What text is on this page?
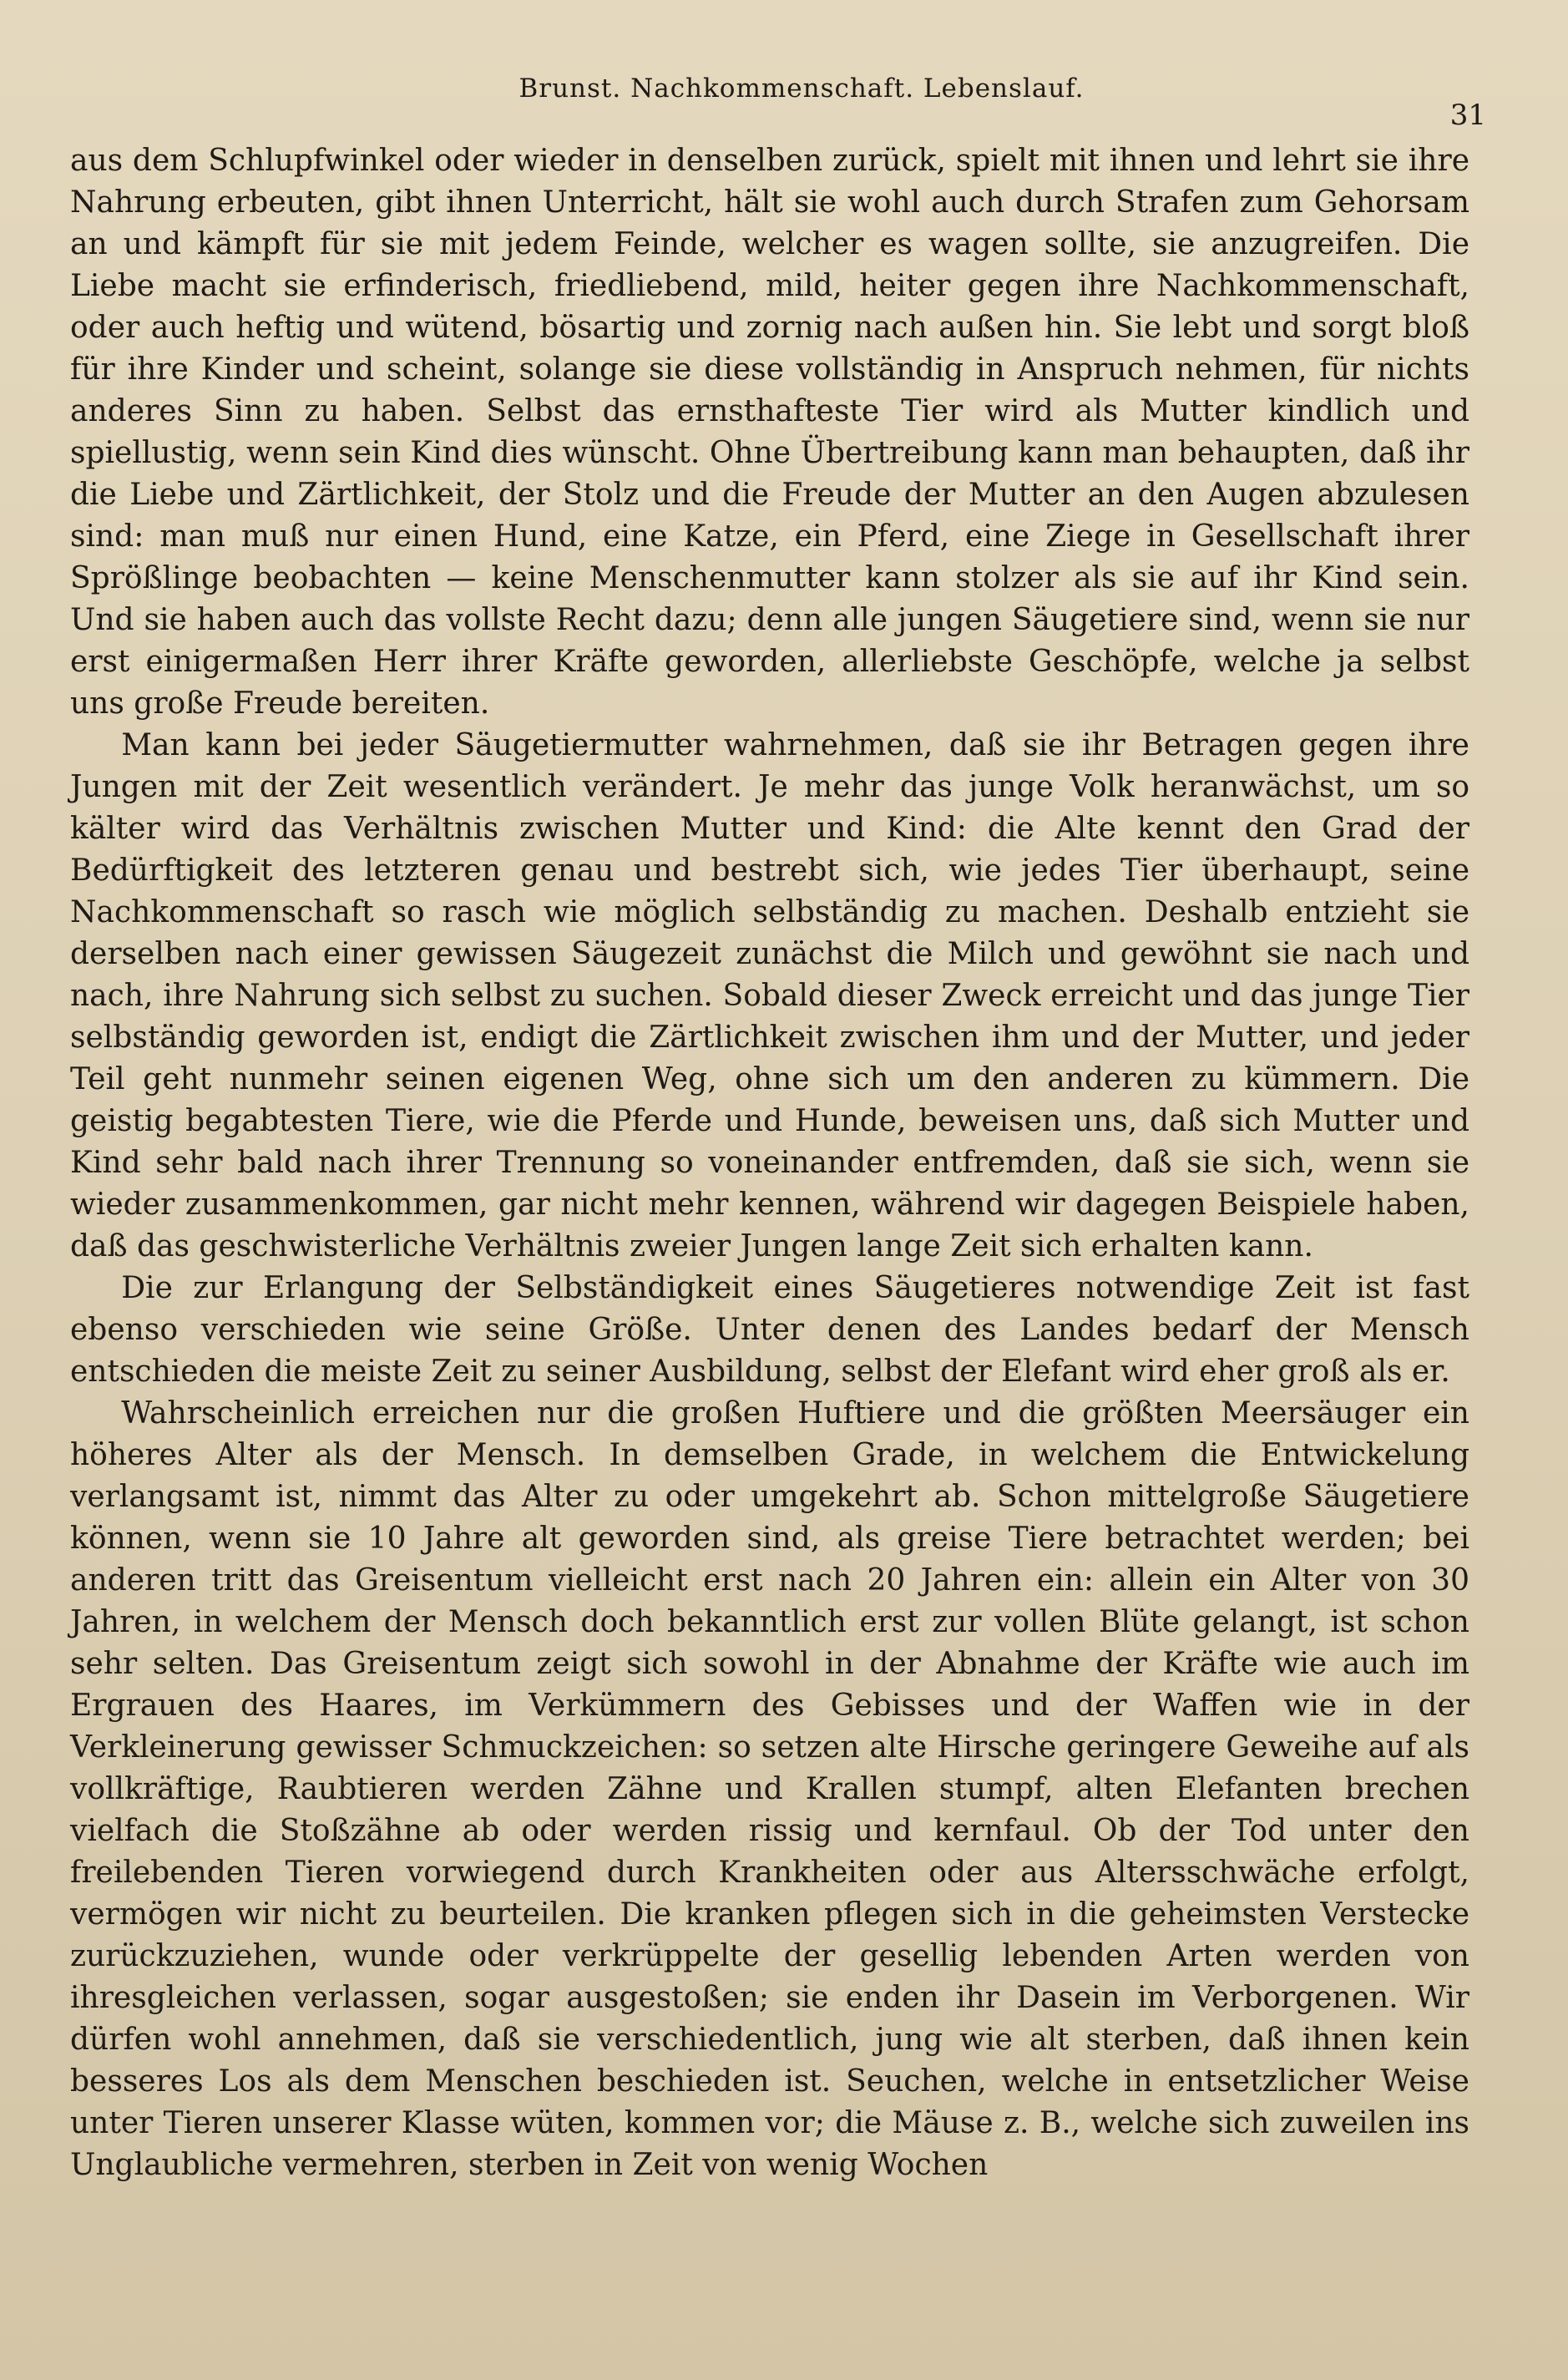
Brunst. Nachkommenschaft. Lebenslauf.
31

aus dem Schlupfwinkel oder wieder in denselben zurück, spielt mit ihnen und lehrt sie ihre Nahrung erbeuten, gibt ihnen Unterricht, hält sie wohl auch durch Strafen zum Gehorsam an und kämpft für sie mit jedem Feinde, welcher es wagen sollte, sie anzugreifen. Die Liebe macht sie erfinderisch, friedliebend, mild, heiter gegen ihre Nachkommenschaft, oder auch heftig und wütend, bösartig und zornig nach außen hin. Sie lebt und sorgt bloß für ihre Kinder und scheint, solange sie diese vollständig in Anspruch nehmen, für nichts anderes Sinn zu haben. Selbst das ernsthafteste Tier wird als Mutter kindlich und spiellustig, wenn sein Kind dies wünscht. Ohne Übertreibung kann man behaupten, daß ihr die Liebe und Zärtlichkeit, der Stolz und die Freude der Mutter an den Augen abzulesen sind: man muß nur einen Hund, eine Katze, ein Pferd, eine Ziege in Gesellschaft ihrer Sprößlinge beobachten — keine Menschenmutter kann stolzer als sie auf ihr Kind sein. Und sie haben auch das vollste Recht dazu; denn alle jungen Säugetiere sind, wenn sie nur erst einigermaßen Herr ihrer Kräfte geworden, allerliebste Geschöpfe, welche ja selbst uns große Freude bereiten.

Man kann bei jeder Säugetiermutter wahrnehmen, daß sie ihr Betragen gegen ihre Jungen mit der Zeit wesentlich verändert. Je mehr das junge Volk heranwächst, um so kälter wird das Verhältnis zwischen Mutter und Kind: die Alte kennt den Grad der Bedürftigkeit des letzteren genau und bestrebt sich, wie jedes Tier überhaupt, seine Nachkommenschaft so rasch wie möglich selbständig zu machen. Deshalb entzieht sie derselben nach einer gewissen Säugezeit zunächst die Milch und gewöhnt sie nach und nach, ihre Nahrung sich selbst zu suchen. Sobald dieser Zweck erreicht und das junge Tier selbständig geworden ist, endigt die Zärtlichkeit zwischen ihm und der Mutter, und jeder Teil geht nunmehr seinen eigenen Weg, ohne sich um den anderen zu kümmern. Die geistig begabtesten Tiere, wie die Pferde und Hunde, beweisen uns, daß sich Mutter und Kind sehr bald nach ihrer Trennung so voneinander entfremden, daß sie sich, wenn sie wieder zusammenkommen, gar nicht mehr kennen, während wir dagegen Beispiele haben, daß das geschwisterliche Verhältnis zweier Jungen lange Zeit sich erhalten kann.

Die zur Erlangung der Selbständigkeit eines Säugetieres notwendige Zeit ist fast ebenso verschieden wie seine Größe. Unter denen des Landes bedarf der Mensch entschieden die meiste Zeit zu seiner Ausbildung, selbst der Elefant wird eher groß als er.

Wahrscheinlich erreichen nur die großen Huftiere und die größten Meersäuger ein höheres Alter als der Mensch. In demselben Grade, in welchem die Entwickelung verlangsamt ist, nimmt das Alter zu oder umgekehrt ab. Schon mittelgroße Säugetiere können, wenn sie 10 Jahre alt geworden sind, als greise Tiere betrachtet werden; bei anderen tritt das Greisentum vielleicht erst nach 20 Jahren ein: allein ein Alter von 30 Jahren, in welchem der Mensch doch bekanntlich erst zur vollen Blüte gelangt, ist schon sehr selten. Das Greisentum zeigt sich sowohl in der Abnahme der Kräfte wie auch im Ergrauen des Haares, im Verkümmern des Gebisses und der Waffen wie in der Verkleinerung gewisser Schmuckzeichen: so setzen alte Hirsche geringere Geweihe auf als vollkräftige, Raubtieren werden Zähne und Krallen stumpf, alten Elefanten brechen vielfach die Stoßzähne ab oder werden rissig und kernfaul. Ob der Tod unter den freilebenden Tieren vorwiegend durch Krankheiten oder aus Altersschwäche erfolgt, vermögen wir nicht zu beurteilen. Die kranken pflegen sich in die geheimsten Verstecke zurückzuziehen, wunde oder verkrüppelte der gesellig lebenden Arten werden von ihresgleichen verlassen, sogar ausgestoßen; sie enden ihr Dasein im Verborgenen. Wir dürfen wohl annehmen, daß sie verschiedentlich, jung wie alt sterben, daß ihnen kein besseres Los als dem Menschen beschieden ist. Seuchen, welche in entsetzlicher Weise unter Tieren unserer Klasse wüten, kommen vor; die Mäuse z. B., welche sich zuweilen ins Unglaubliche vermehren, sterben in Zeit von wenig Wochen
